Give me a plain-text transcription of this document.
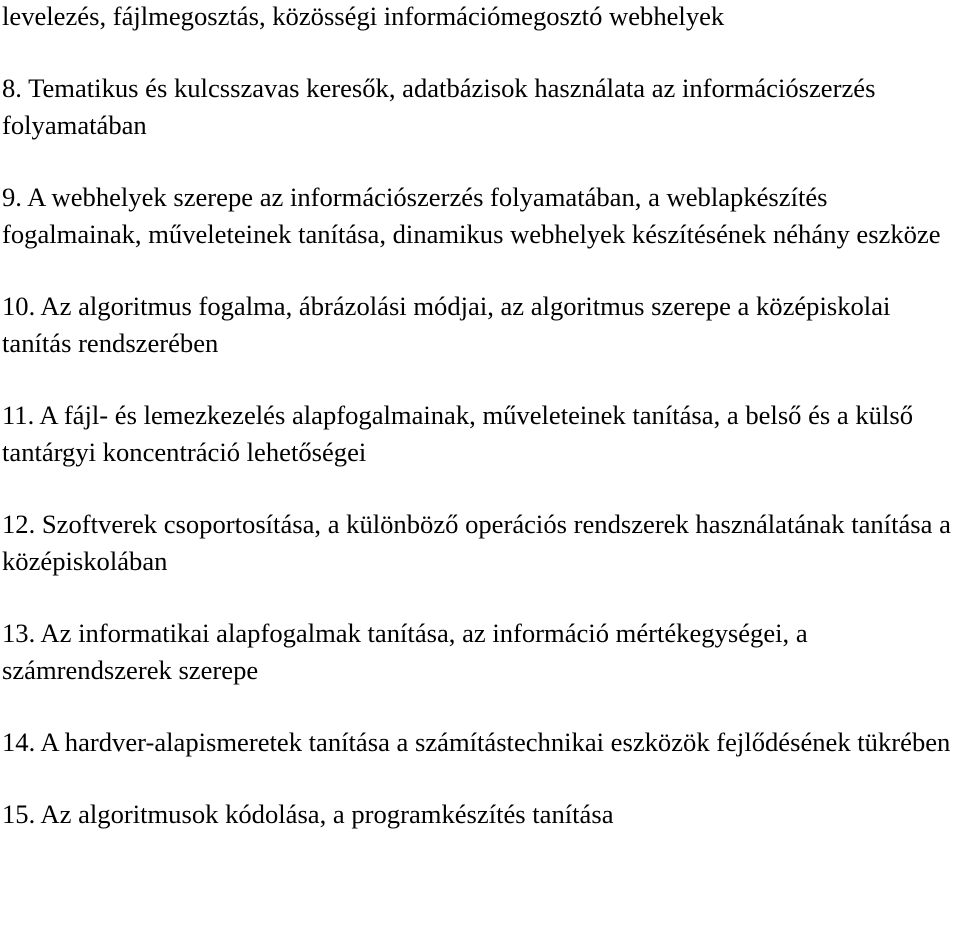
levelezés, fájlmegosztás, közösségi információmegosztó webhelyek

8. Tematikus és kulcsszavas keresők, adatbázisok használata az információszerzés folyamatában

9. A webhelyek szerepe az információszerzés folyamatában, a weblapkészítés fogalmainak, műveleteinek tanítása, dinamikus webhelyek készítésének néhány eszköze

10. Az algoritmus fogalma, ábrázolási módjai, az algoritmus szerepe a középiskolai tanítás rendszerében

11. A fájl- és lemezkezelés alapfogalmainak, műveleteinek tanítása, a belső és a külső tantárgyi koncentráció lehetőségei

12. Szoftverek csoportosítása, a különböző operációs rendszerek használatának tanítása a középiskolában

13. Az informatikai alapfogalmak tanítása, az információ mértékegységei, a számrendszerek szerepe

14. A hardver-alapismeretek tanítása a számítástechnikai eszközök fejlődésének tükrében

15. Az algoritmusok kódolása, a programkészítés tanítása
